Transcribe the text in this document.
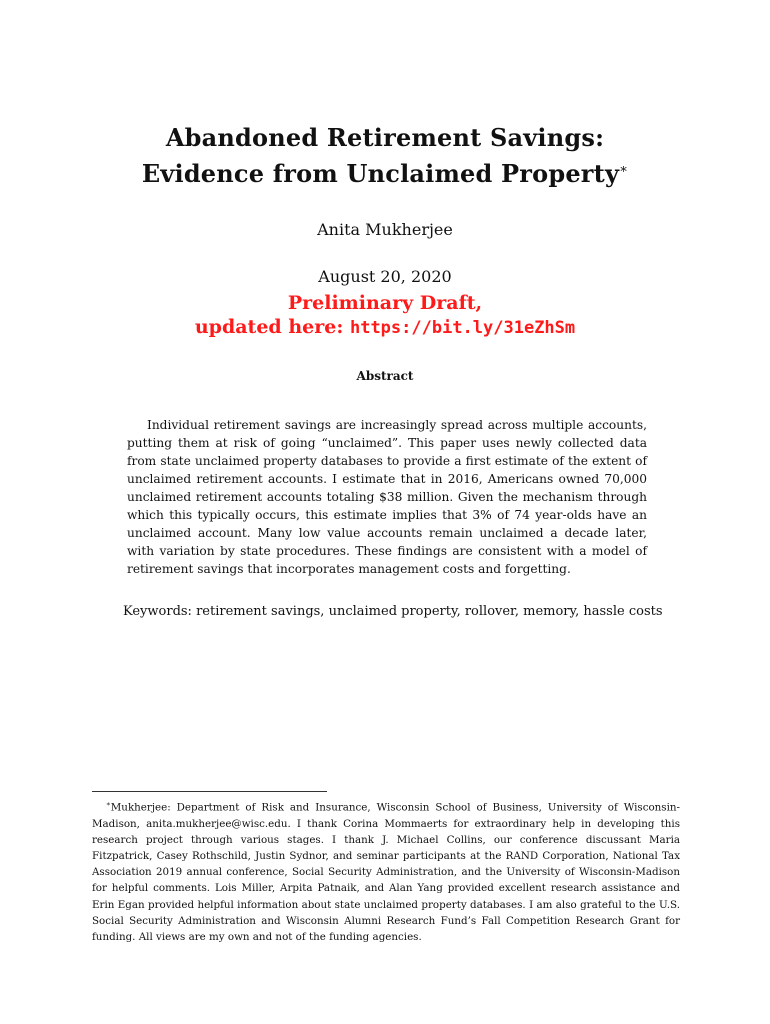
Abandoned Retirement Savings:
Evidence from Unclaimed Property∗
Anita Mukherjee
August 20, 2020
Preliminary Draft,
updated here: https://bit.ly/31eZhSm
Abstract
Individual retirement savings are increasingly spread across multiple accounts, putting them at risk of going “unclaimed”. This paper uses newly collected data from state unclaimed property databases to provide a first estimate of the extent of unclaimed retirement accounts. I estimate that in 2016, Americans owned 70,000 unclaimed retirement accounts totaling $38 million. Given the mechanism through which this typically occurs, this estimate implies that 3% of 74 year-olds have an unclaimed account. Many low value accounts remain unclaimed a decade later, with variation by state procedures. These findings are consistent with a model of retirement savings that incorporates management costs and forgetting.
Keywords: retirement savings, unclaimed property, rollover, memory, hassle costs
∗Mukherjee: Department of Risk and Insurance, Wisconsin School of Business, University of Wisconsin-Madison, anita.mukherjee@wisc.edu. I thank Corina Mommaerts for extraordinary help in developing this research project through various stages. I thank J. Michael Collins, our conference discussant Maria Fitzpatrick, Casey Rothschild, Justin Sydnor, and seminar participants at the RAND Corporation, National Tax Association 2019 annual conference, Social Security Administration, and the University of Wisconsin-Madison for helpful comments. Lois Miller, Arpita Patnaik, and Alan Yang provided excellent research assistance and Erin Egan provided helpful information about state unclaimed property databases. I am also grateful to the U.S. Social Security Administration and Wisconsin Alumni Research Fund’s Fall Competition Research Grant for funding. All views are my own and not of the funding agencies.
